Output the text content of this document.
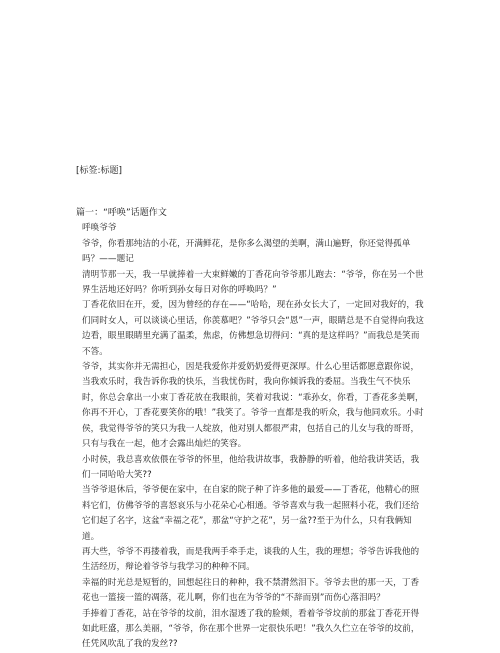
[标签:标题]

篇一：“呼唤”话题作文

呼唤爷爷

爷爷，你看那纯洁的小花，开满鲜花，是你多么渴望的美啊，满山遍野，你还觉得孤单吗？——题记

清明节那一天，我一早就捧着一大束鲜嫩的丁香花向爷爷那儿跑去：“爷爷，你在另一个世界生活地还好吗？你听到孙女每日对你的呼唤吗？”

丁香花依旧在开，爱，因为曾经的存在——“哈哈，现在孙女长大了，一定回对我好的，我们同时女人，可以谈谈心里话，你羡慕吧？”爷爷只会“恩”一声，眼睛总是不自觉得向我这边看，眼里眼睛里充满了温柔，焦虑，仿佛想急切得问：“真的是这样吗？”而我总是笑而不答。

爷爷，其实你并无需担心，因是我爱你并爱奶奶爱得更深厚。什么心里话都愿意跟你说，当我欢乐时，我告诉你我的快乐，当我忧伤时，我向你倾诉我的委屈。当我生气不快乐时，你总会拿出一小束丁香花放在我眼前，笑着对我说：“乖孙女，你看，丁香花多美啊，你再不开心，丁香花要笑你的哦！”我笑了。爷爷一直都是我的听众，我与他同欢乐。小时侯，我觉得爷爷的笑只为我一人绽放，他对别人都很严肃，包括自己的儿女与我的哥哥，只有与我在一起，他才会露出灿烂的笑容。

小时侯，我总喜欢依偎在爷爷的怀里，他给我讲故事，我静静的听着，他给我讲笑话，我们一同哈哈大笑??

当爷爷退休后，爷爷便在家中，在自家的院子种了许多他的最爱——丁香花，他精心的照料它们，仿佛爷爷的喜怒哀乐与小花朵心心相通。爷爷喜欢与我一起照料小花，我们还给它们起了名字，这盆“幸福之花”，那盆“守护之花”，另一盆??至于为什么，只有我俩知道。

再大些，爷爷不再搂着我，而是我两手牵手走，谈我的人生，我的理想；爷爷告诉我他的生活经历，辩论着爷爷与我学习的种种不同。

幸福的时光总是短暂的，回想起往日的种种，我不禁潸然泪下。爷爷去世的那一天，丁香花也一篮接一篮的凋落，花儿啊，你们也在为爷爷的“不辞而别”而伤心落泪吗？

手捧着丁香花，站在爷爷的坟前，泪水湿透了我的脸颊，看着爷爷坟前的那盆丁香花开得如此旺盛，那么美丽，“爷爷，你在那个世界一定很快乐吧！”我久久伫立在爷爷的坟前，任凭风吹乱了我的发丝??
